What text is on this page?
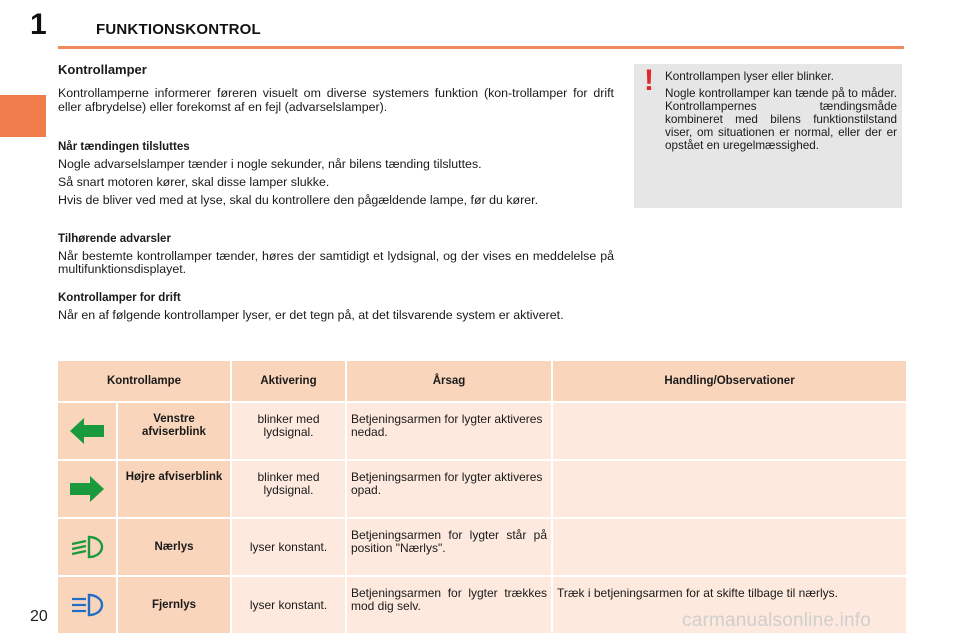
1	FUNKTIONSKONTROL
Kontrollamper
Kontrollamperne informerer føreren visuelt om diverse systemers funktion (kon-trollamper for drift eller afbrydelse) eller forekomst af en fejl (advarselslamper).
Når tændingen tilsluttes

Nogle advarselslamper tænder i nogle sekunder, når bilens tænding tilsluttes.

Så snart motoren kører, skal disse lamper slukke.

Hvis de bliver ved med at lyse, skal du kontrollere den pågældende lampe, før du kører.

Tilhørende advarsler

Når bestemte kontrollamper tænder, høres der samtidigt et lydsignal, og der vises en meddelelse på multifunktionsdisplayet.

Kontrollamper for drift

Når en af følgende kontrollamper lyser, er det tegn på, at det tilsvarende system er aktiveret.

! Kontrollampen lyser eller blinker.

Nogle kontrollamper kan tænde på to måder. Kontrollampernes tændingsmåde kombineret med bilens funktionstilstand viser, om situationen er normal, eller der er opstået en uregelmæssighed.

Kontrollampe		Aktivering	Årsag	Handling/Observationer

	Venstre afviserblink	blinker med lydsignal.	Betjeningsarmen for lygter aktiveres nedad.	

	Højre afviserblink	blinker med lydsignal.	Betjeningsarmen for lygter aktiveres opad.	

	Nærlys	lyser konstant.	Betjeningsarmen for lygter står på position "Nærlys".	

	Fjernlys	lyser konstant.	Betjeningsarmen for lygter trækkes mod dig selv.	Træk i betjeningsarmen for at skifte tilbage til nærlys.
20	carmanualsonline.info
